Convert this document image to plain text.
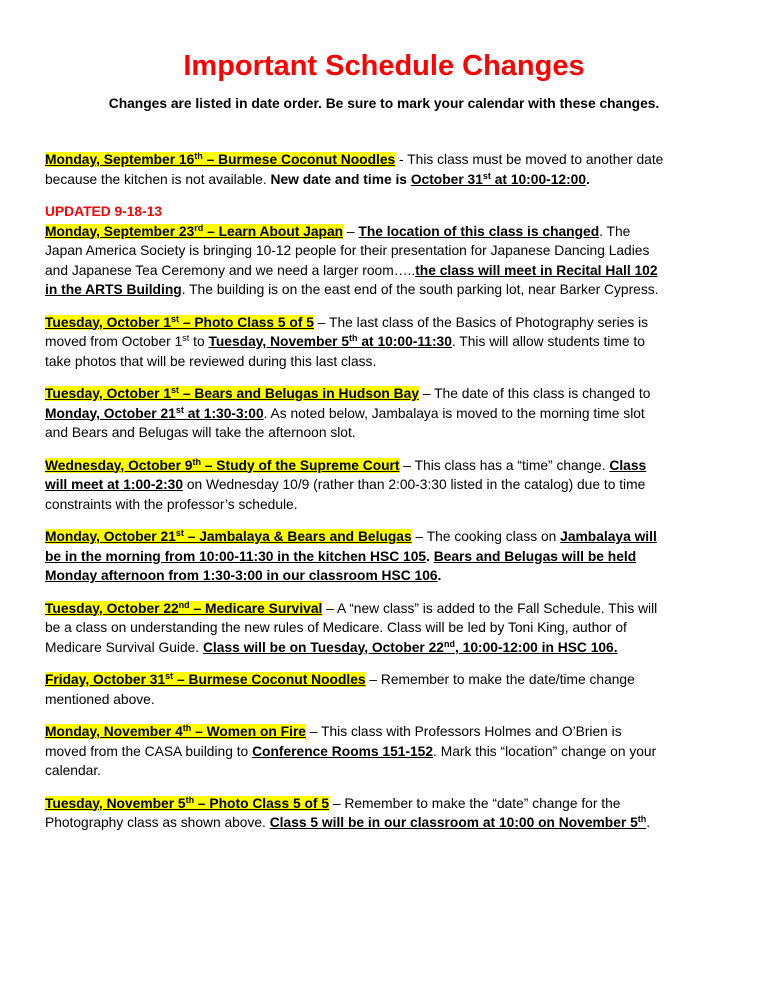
Important Schedule Changes
Changes are listed in date order. Be sure to mark your calendar with these changes.
Monday, September 16th – Burmese Coconut Noodles - This class must be moved to another date
because the kitchen is not available. New date and time is October 31st at 10:00-12:00.
UPDATED 9-18-13
Monday, September 23rd – Learn About Japan – The location of this class is changed. The
Japan America Society is bringing 10-12 people for their presentation for Japanese Dancing Ladies
and Japanese Tea Ceremony and we need a larger room…..the class will meet in Recital Hall 102
in the ARTS Building. The building is on the east end of the south parking lot, near Barker Cypress.
Tuesday, October 1st – Photo Class 5 of 5 – The last class of the Basics of Photography series is
moved from October 1st to Tuesday, November 5th at 10:00-11:30. This will allow students time to
take photos that will be reviewed during this last class.
Tuesday, October 1st – Bears and Belugas in Hudson Bay – The date of this class is changed to
Monday, October 21st at 1:30-3:00. As noted below, Jambalaya is moved to the morning time slot
and Bears and Belugas will take the afternoon slot.
Wednesday, October 9th – Study of the Supreme Court – This class has a “time” change. Class
will meet at 1:00-2:30 on Wednesday 10/9 (rather than 2:00-3:30 listed in the catalog) due to time
constraints with the professor’s schedule.
Monday, October 21st – Jambalaya & Bears and Belugas – The cooking class on Jambalaya will
be in the morning from 10:00-11:30 in the kitchen HSC 105. Bears and Belugas will be held
Monday afternoon from 1:30-3:00 in our classroom HSC 106.
Tuesday, October 22nd – Medicare Survival – A “new class” is added to the Fall Schedule. This will
be a class on understanding the new rules of Medicare. Class will be led by Toni King, author of
Medicare Survival Guide. Class will be on Tuesday, October 22nd, 10:00-12:00 in HSC 106.
Friday, October 31st – Burmese Coconut Noodles – Remember to make the date/time change
mentioned above.
Monday, November 4th – Women on Fire – This class with Professors Holmes and O’Brien is
moved from the CASA building to Conference Rooms 151-152. Mark this “location” change on your
calendar.
Tuesday, November 5th – Photo Class 5 of 5 – Remember to make the “date” change for the
Photography class as shown above. Class 5 will be in our classroom at 10:00 on November 5th.
